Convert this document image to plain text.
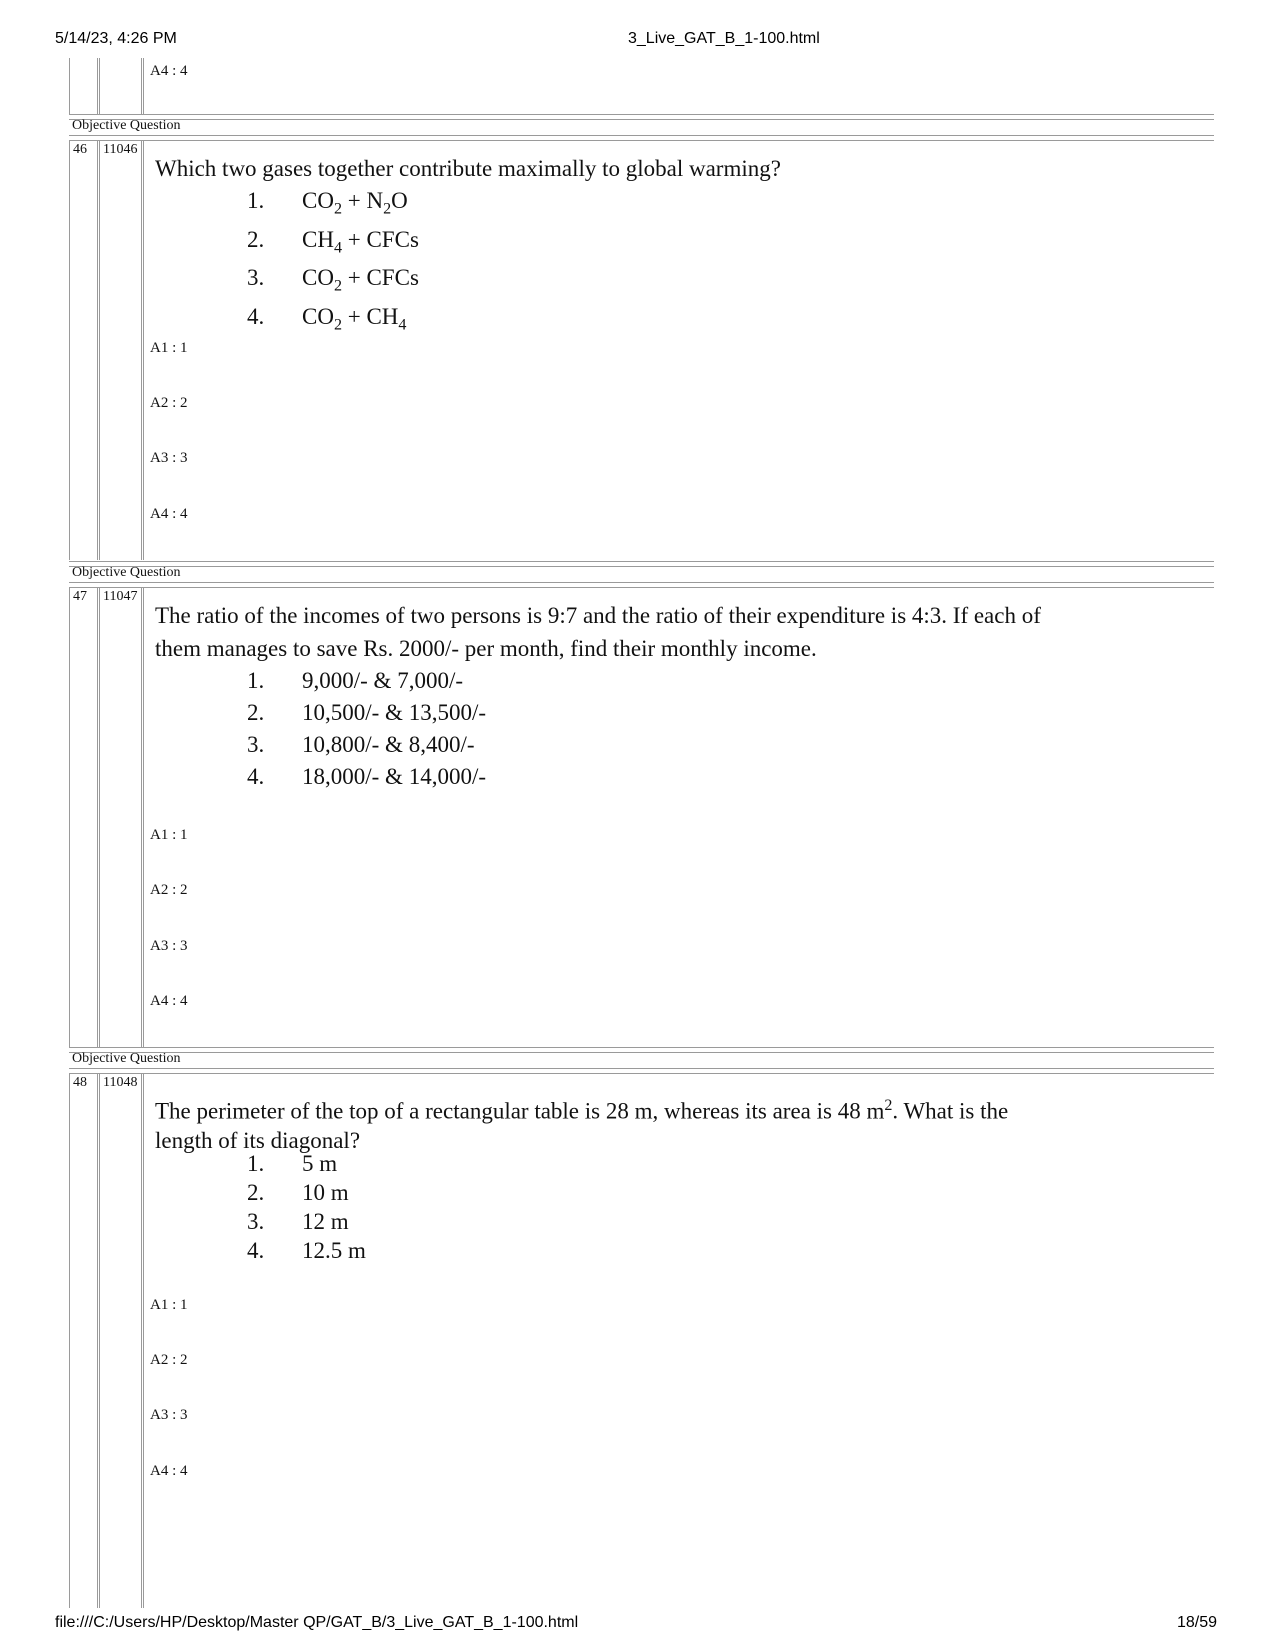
5/14/23, 4:26 PM	3_Live_GAT_B_1-100.html
A4 : 4
Objective Question
46 11046
Which two gases together contribute maximally to global warming?
1.	$CO_2 + N_2O$
2.	$CH_4$ + CFCs
3.	$CO_2$ + CFCs
4.	$CO_2 + CH_4$
A1 : 1
A2 : 2
A3 : 3
A4 : 4
Objective Question
47 11047
The ratio of the incomes of two persons is 9:7 and the ratio of their expenditure is 4:3. If each of
them manages to save Rs. 2000/- per month, find their monthly income.
1.	9,000/- & 7,000/-
2.	10,500/- & 13,500/-
3.	10,800/- & 8,400/-
4.	18,000/- & 14,000/-
A1 : 1
A2 : 2
A3 : 3
A4 : 4
Objective Question
48 11048
The perimeter of the top of a rectangular table is 28 m, whereas its area is 48 $m^2$. What is the
length of its diagonal?
1.	5 m
2.	10 m
3.	12 m
4.	12.5 m
A1 : 1
A2 : 2
A3 : 3
A4 : 4
file:///C:/Users/HP/Desktop/Master QP/GAT_B/3_Live_GAT_B_1-100.html	18/59
